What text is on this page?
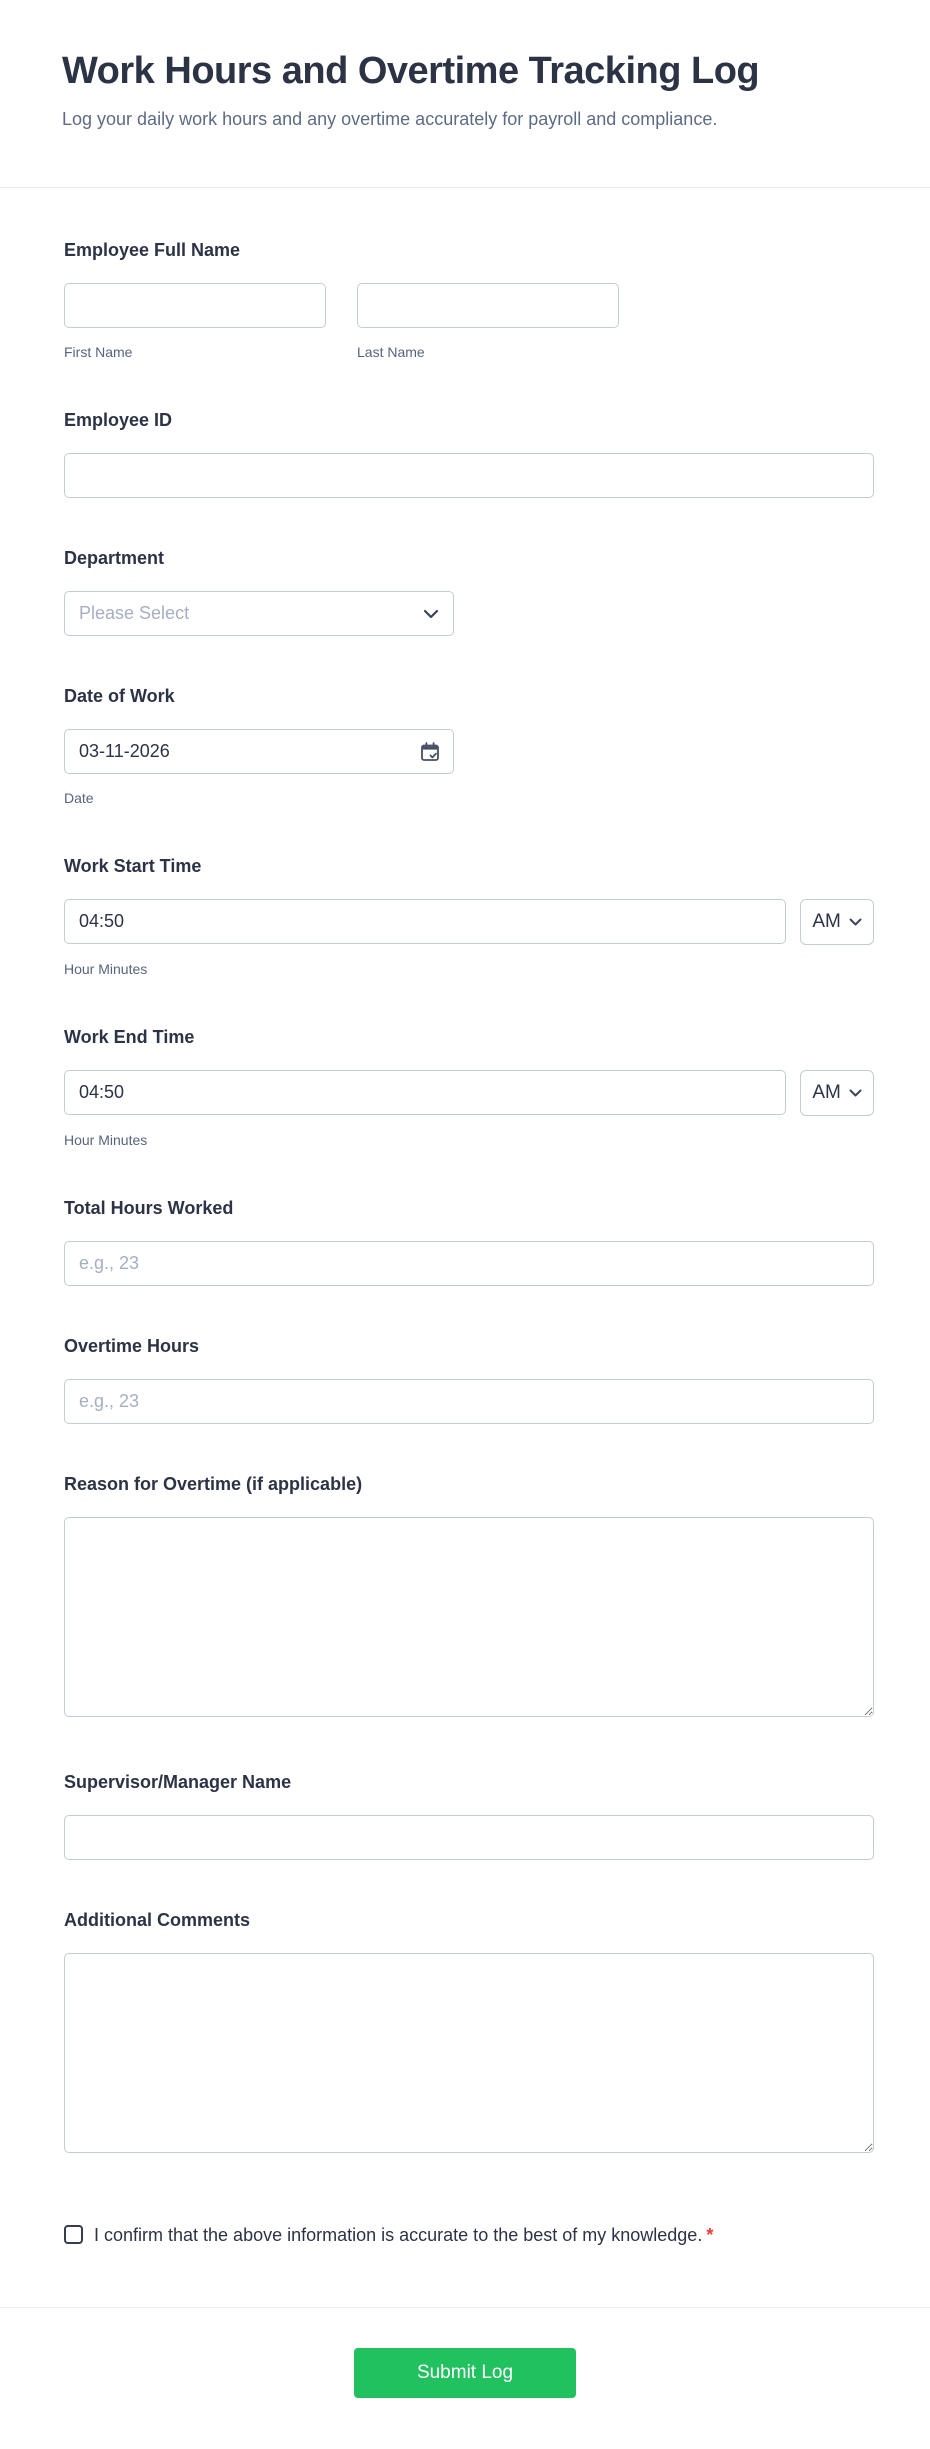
Work Hours and Overtime Tracking Log
Log your daily work hours and any overtime accurately for payroll and compliance.
Employee Full Name
First Name	Last Name
Employee ID
Department
Please Select
Date of Work
03-11-2026
Date
Work Start Time
04:50
AM
Hour Minutes
Work End Time
04:50
AM
Hour Minutes
Total Hours Worked
e.g., 23
Overtime Hours
e.g., 23
Reason for Overtime (if applicable)
Supervisor/Manager Name
Additional Comments
I confirm that the above information is accurate to the best of my knowledge. *
Submit Log
